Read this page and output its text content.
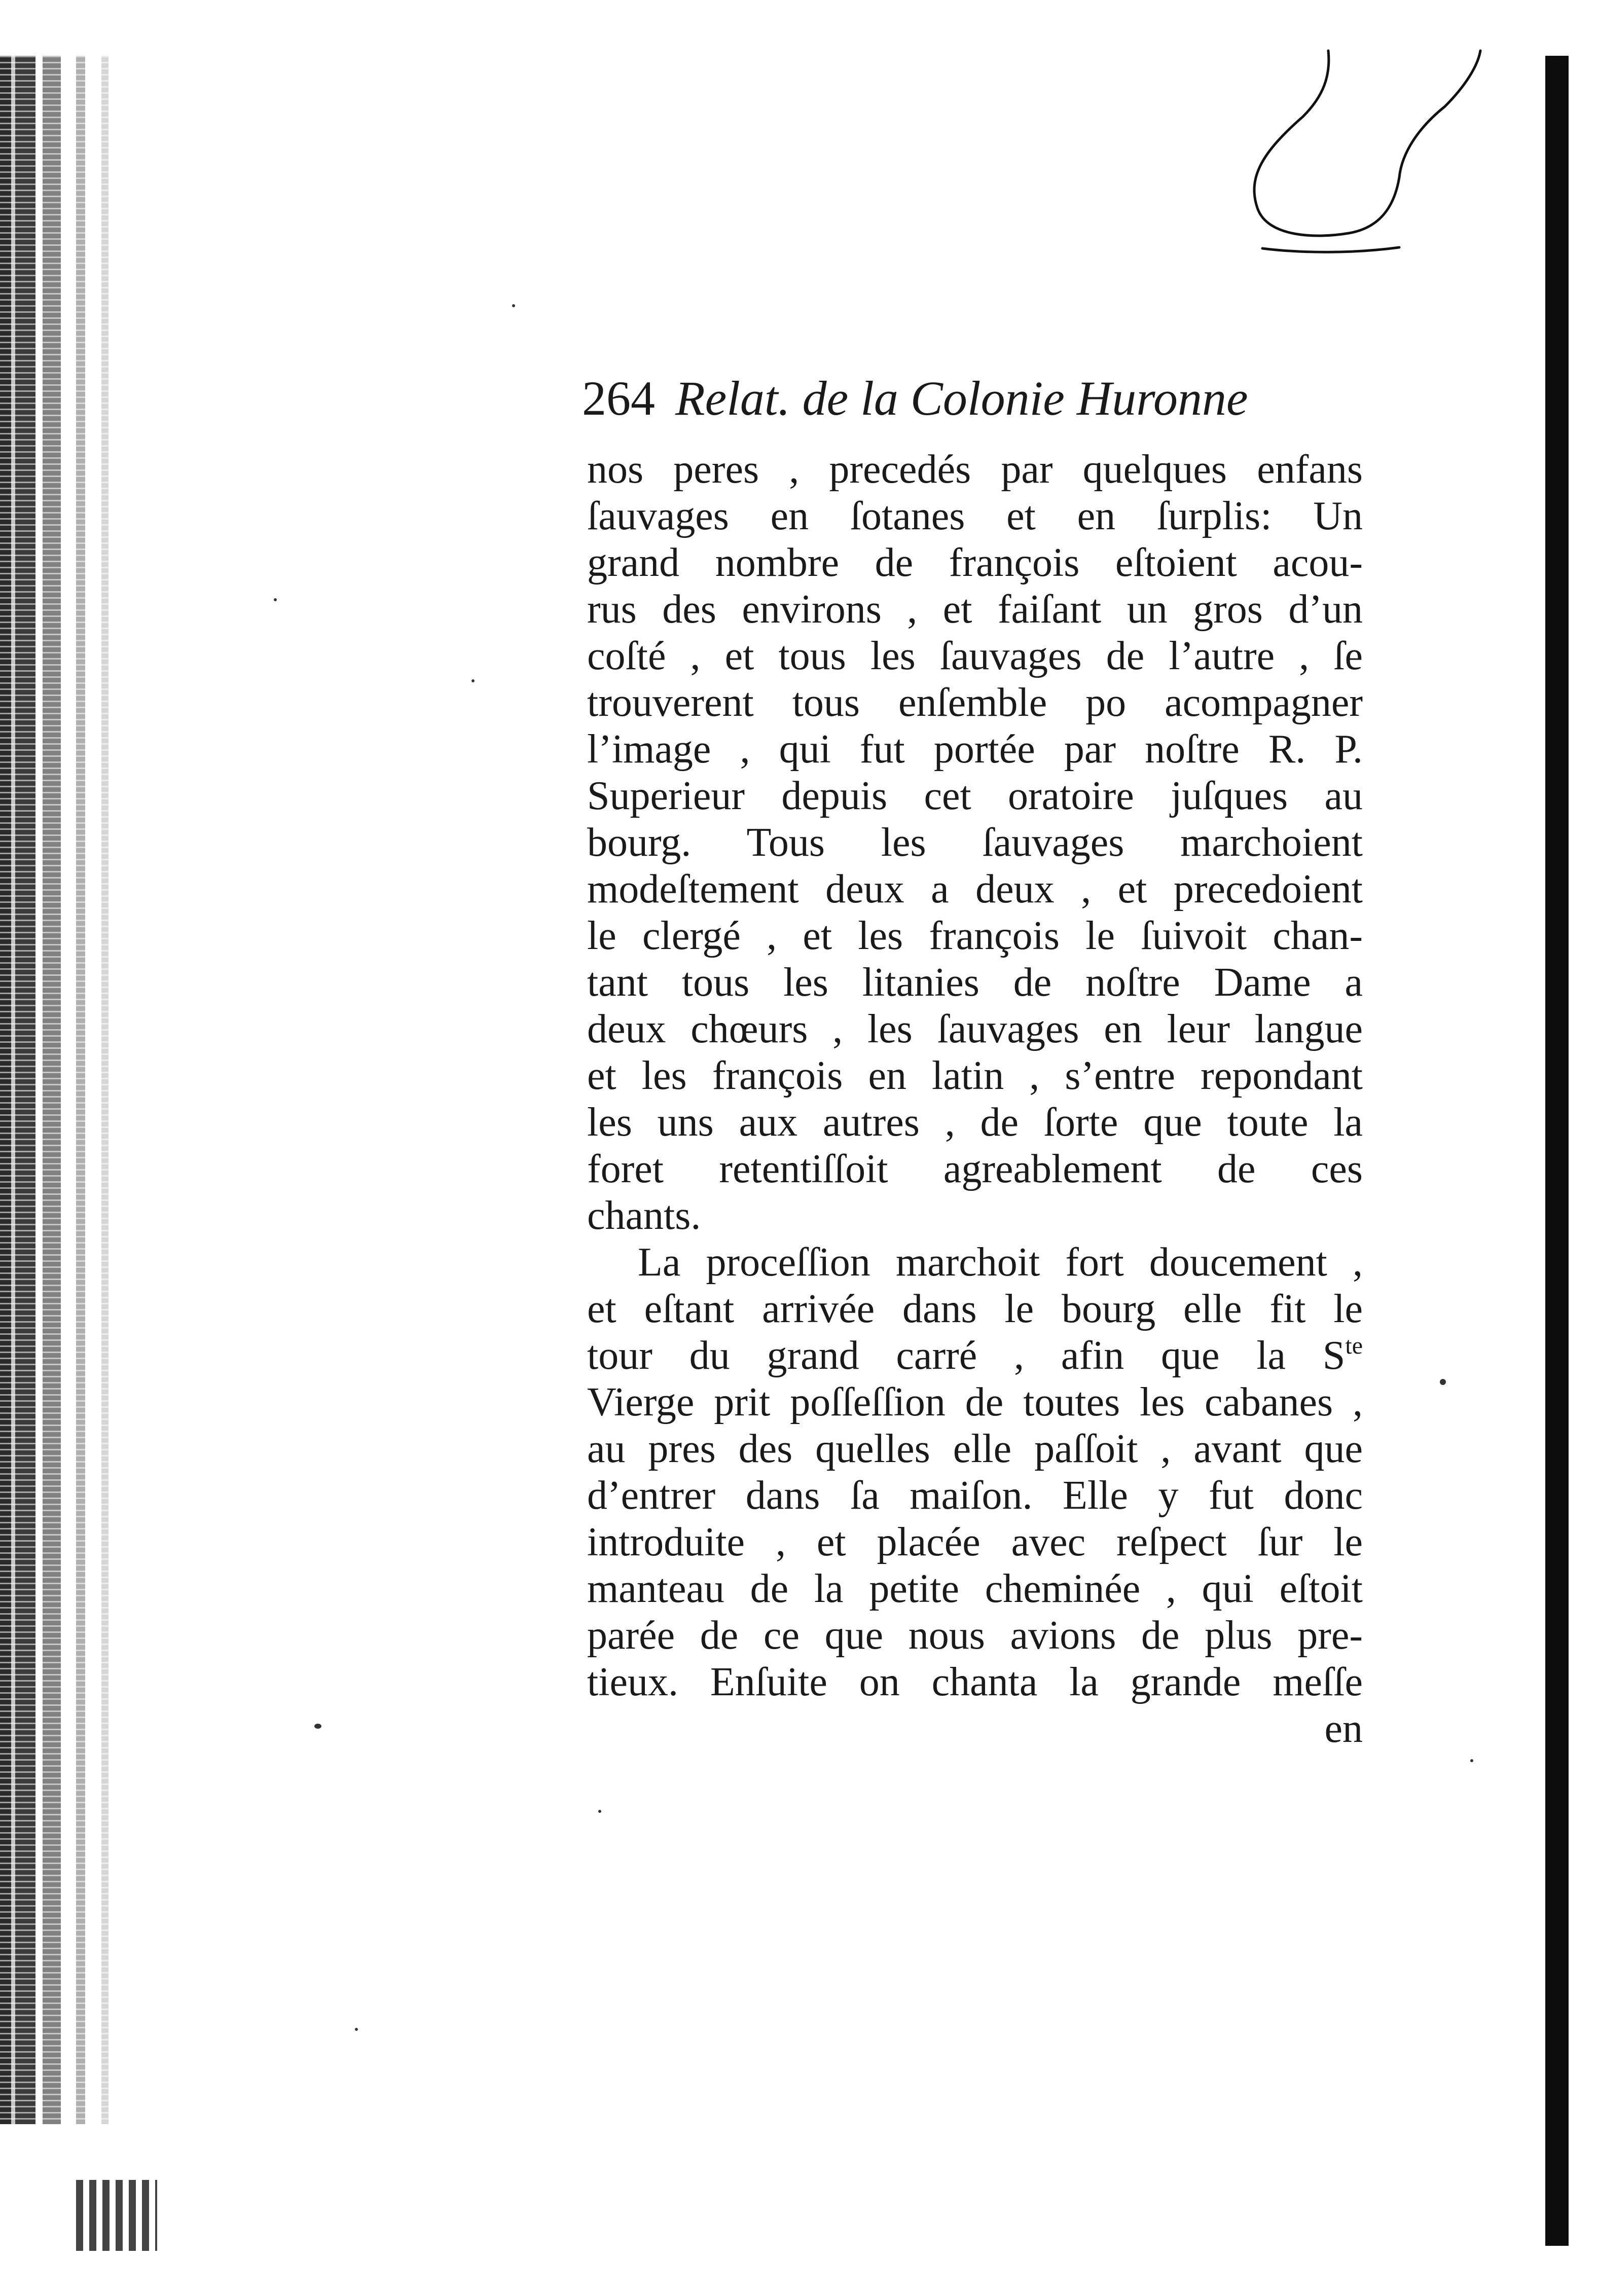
264 Relat. de la Colonie Huronne
nos peres , precedés par quelques enfans
ſauvages en ſotanes et en ſurplis: Un
grand nombre de françois eſtoient acou-
rus des environs , et faiſant un gros d’un
coſté , et tous les ſauvages de l’autre , ſe
trouverent tous enſemble po acompagner
l’image , qui fut portée par noſtre R. P.
Superieur depuis cet oratoire juſques au
bourg. Tous les ſauvages marchoient
modeſtement deux a deux , et precedoient
le clergé , et les françois le ſuivoit chan-
tant tous les litanies de noſtre Dame a
deux chœurs , les ſauvages en leur langue
et les françois en latin , s’entre repondant
les uns aux autres , de ſorte que toute la
foret retentiſſoit agreablement de ces
chants.
La proceſſion marchoit fort doucement ,
et eſtant arrivée dans le bourg elle fit le
tour du grand carré , afin que la $S^{te}$
Vierge prit poſſeſſion de toutes les cabanes ,
au pres des quelles elle paſſoit , avant que
d’entrer dans ſa maiſon. Elle y fut donc
introduite , et placée avec reſpect ſur le
manteau de la petite cheminée , qui eſtoit
parée de ce que nous avions de plus pre-
tieux. Enſuite on chanta la grande meſſe
en
